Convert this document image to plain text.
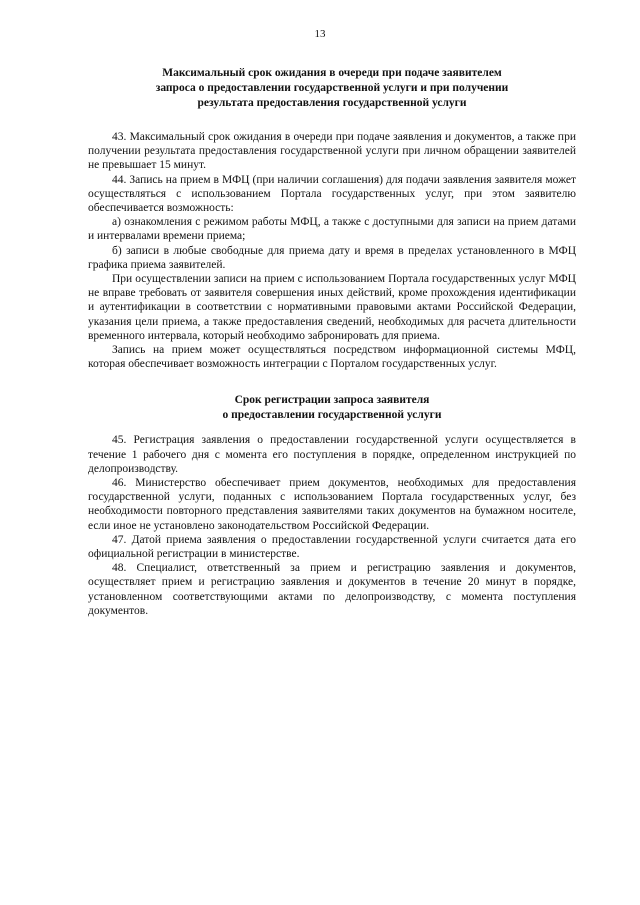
13
Максимальный срок ожидания в очереди при подаче заявителем
запроса о предоставлении государственной услуги и при получении
результата предоставления государственной услуги

43. Максимальный срок ожидания в очереди при подаче заявления и документов, а также при получении результата предоставления государственной услуги при личном обращении заявителей не превышает 15 минут.

44. Запись на прием в МФЦ (при наличии соглашения) для подачи заявления заявителя может осуществляться с использованием Портала государственных услуг, при этом заявителю обеспечивается возможность:

а) ознакомления с режимом работы МФЦ, а также с доступными для записи на прием датами и интервалами времени приема;

б) записи в любые свободные для приема дату и время в пределах установленного в МФЦ графика приема заявителей.

При осуществлении записи на прием с использованием Портала государственных услуг МФЦ не вправе требовать от заявителя совершения иных действий, кроме прохождения идентификации и аутентификации в соответствии с нормативными правовыми актами Российской Федерации, указания цели приема, а также предоставления сведений, необходимых для расчета длительности временного интервала, который необходимо забронировать для приема.

Запись на прием может осуществляться посредством информационной системы МФЦ, которая обеспечивает возможность интеграции с Порталом государственных услуг.

Срок регистрации запроса заявителя
о предоставлении государственной услуги

45. Регистрация заявления о предоставлении государственной услуги осуществляется в течение 1 рабочего дня с момента его поступления в порядке, определенном инструкцией по делопроизводству.

46. Министерство обеспечивает прием документов, необходимых для предоставления государственной услуги, поданных с использованием Портала государственных услуг, без необходимости повторного представления заявителями таких документов на бумажном носителе, если иное не установлено законодательством Российской Федерации.

47. Датой приема заявления о предоставлении государственной услуги считается дата его официальной регистрации в министерстве.

48. Специалист, ответственный за прием и регистрацию заявления и документов, осуществляет прием и регистрацию заявления и документов в течение 20 минут в порядке, установленном соответствующими актами по делопроизводству, с момента поступления документов.
